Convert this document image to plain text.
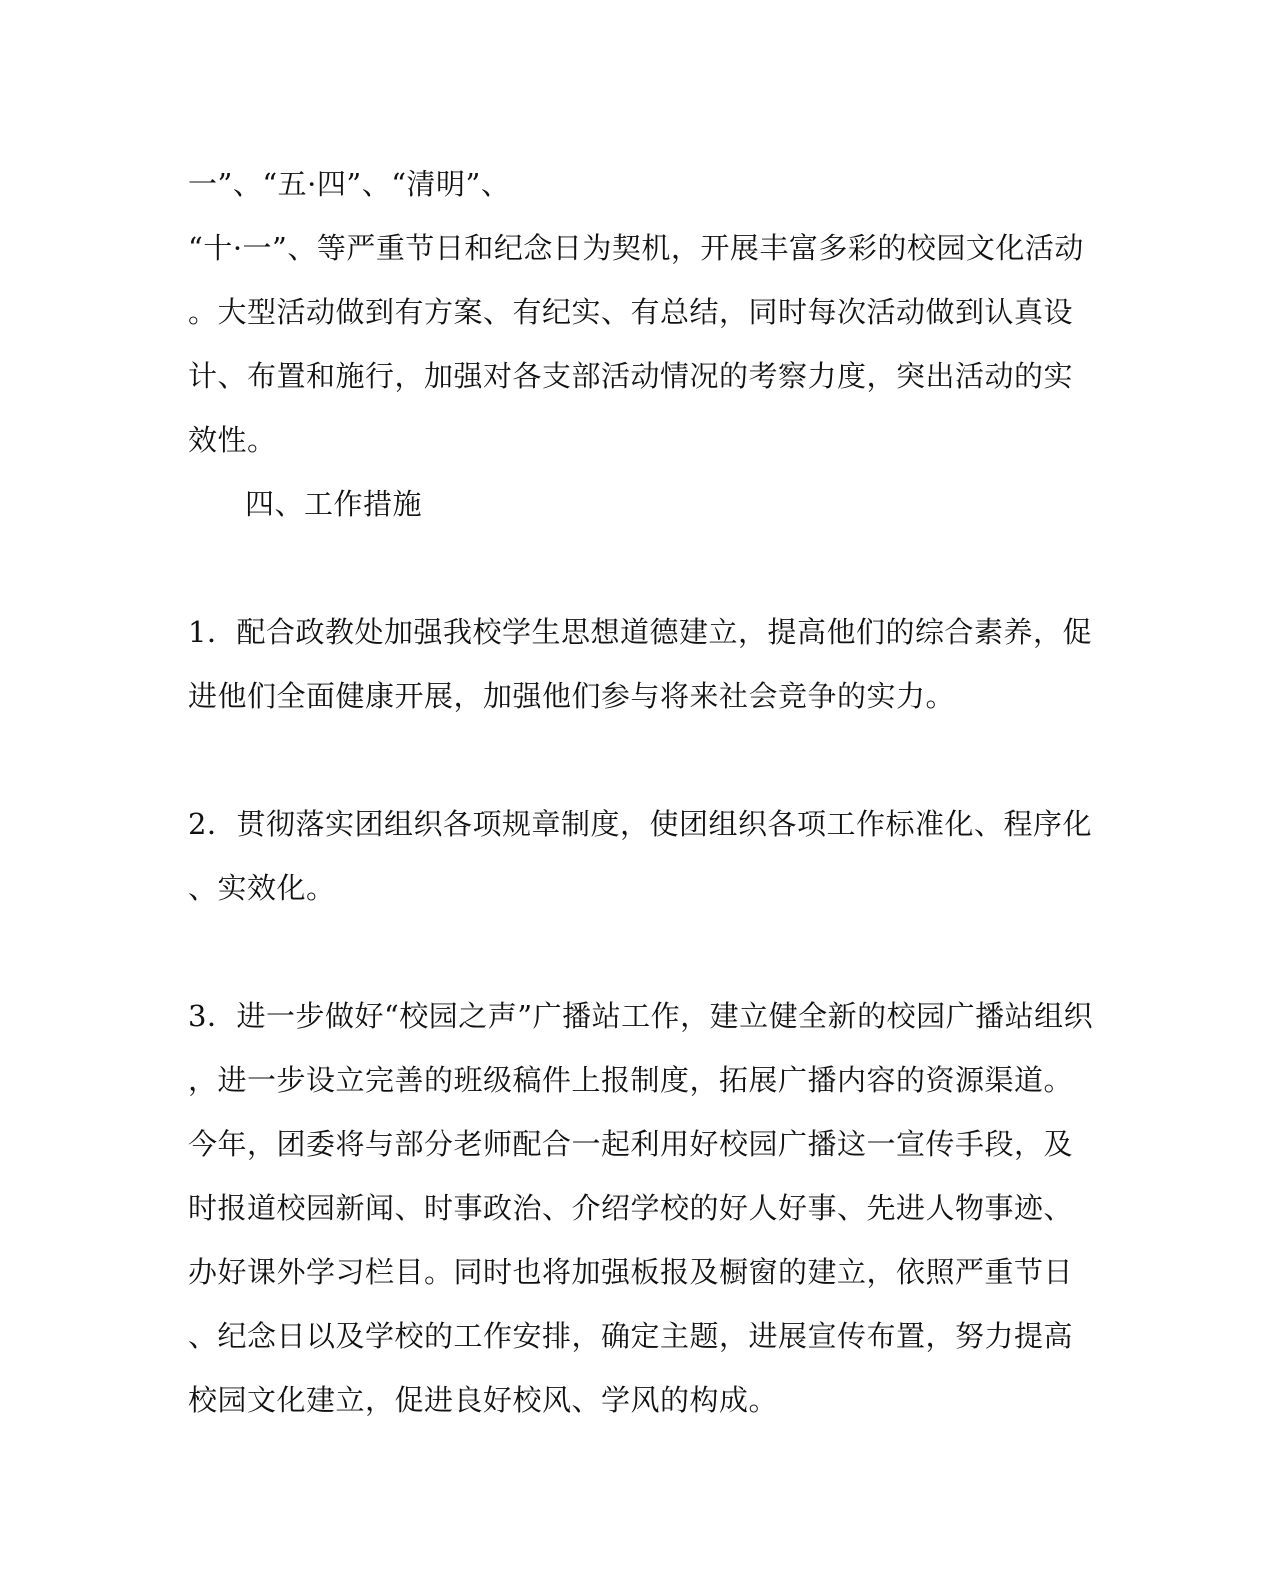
一”、“五·四”、“清明”、
“十·一”、等严重节日和纪念日为契机，开展丰富多彩的校园文化活动
。大型活动做到有方案、有纪实、有总结，同时每次活动做到认真设
计、布置和施行，加强对各支部活动情况的考察力度，突出活动的实
效性。
四、工作措施
1．配合政教处加强我校学生思想道德建立，提高他们的综合素养，促
进他们全面健康开展，加强他们参与将来社会竞争的实力。
2．贯彻落实团组织各项规章制度，使团组织各项工作标准化、程序化
、实效化。
3．进一步做好“校园之声”广播站工作，建立健全新的校园广播站组织
，进一步设立完善的班级稿件上报制度，拓展广播内容的资源渠道。
今年，团委将与部分老师配合一起利用好校园广播这一宣传手段，及
时报道校园新闻、时事政治、介绍学校的好人好事、先进人物事迹、
办好课外学习栏目。同时也将加强板报及橱窗的建立，依照严重节日
、纪念日以及学校的工作安排，确定主题，进展宣传布置，努力提高
校园文化建立，促进良好校风、学风的构成。
